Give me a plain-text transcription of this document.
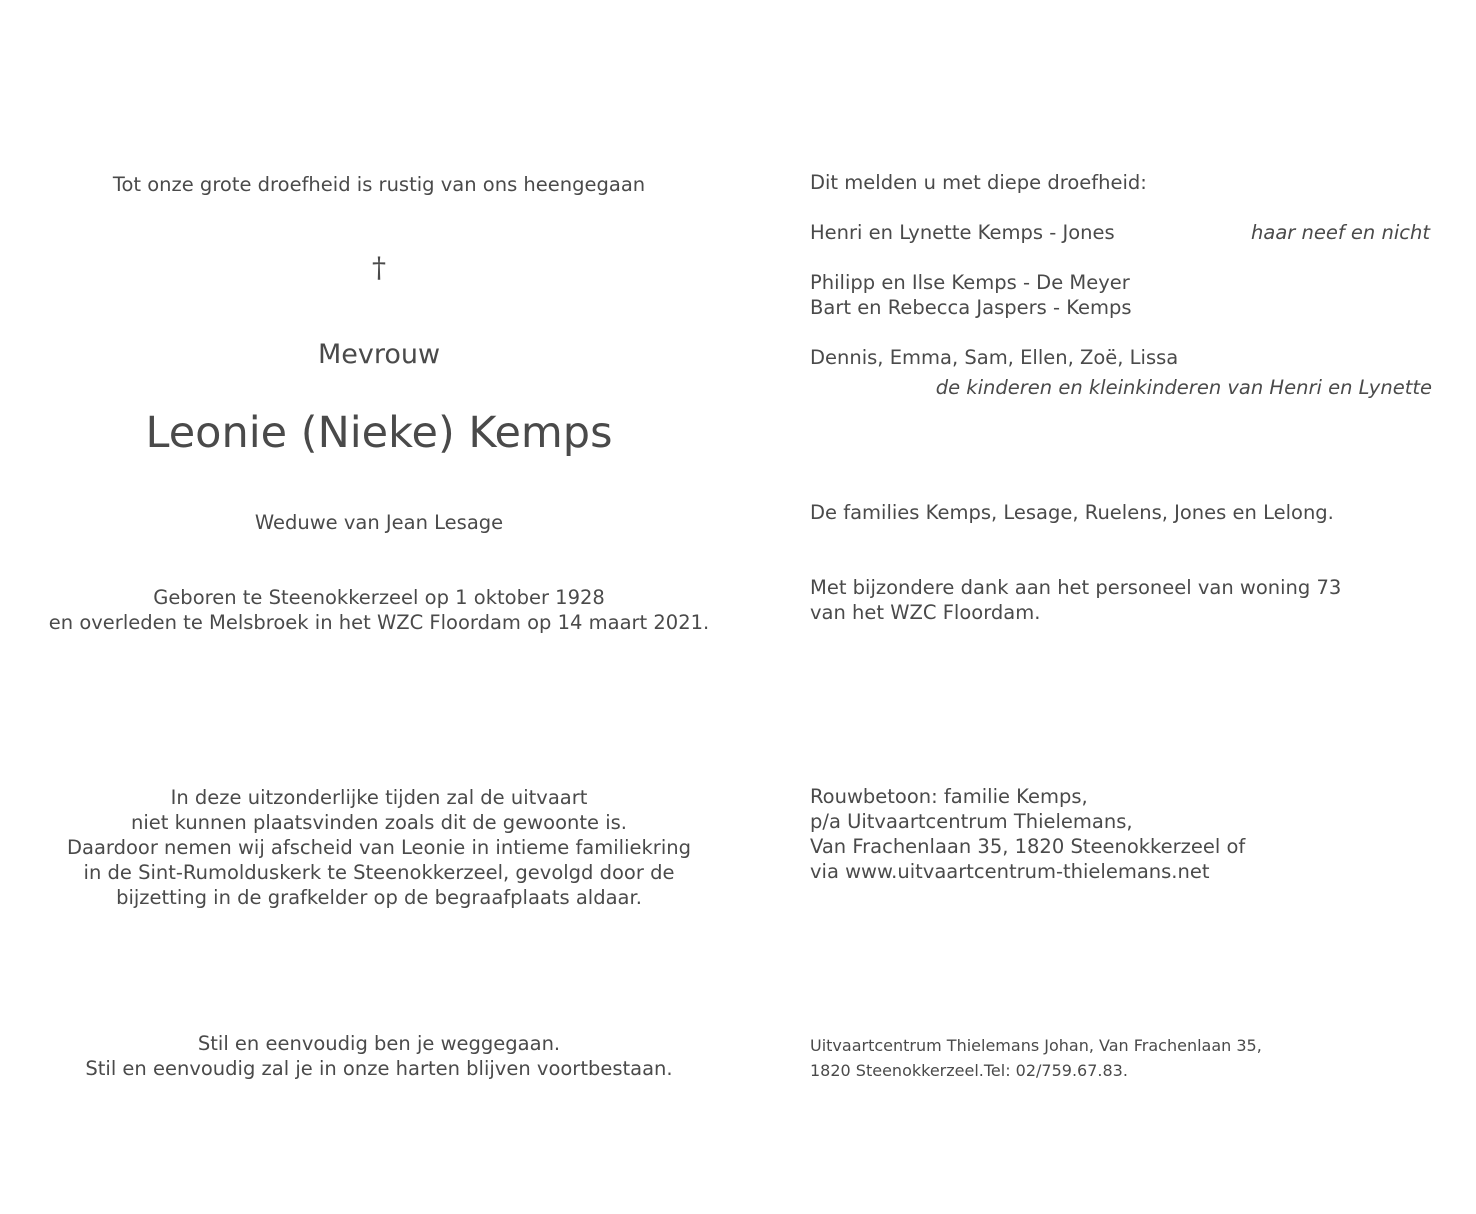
Tot onze grote droefheid is rustig van ons heengegaan
†
Mevrouw
Leonie (Nieke) Kemps
Weduwe van Jean Lesage
Geboren te Steenokkerzeel op 1 oktober 1928
en overleden te Melsbroek in het WZC Floordam op 14 maart 2021.
In deze uitzonderlijke tijden zal de uitvaart
niet kunnen plaatsvinden zoals dit de gewoonte is.
Daardoor nemen wij afscheid van Leonie in intieme familiekring
in de Sint-Rumolduskerk te Steenokkerzeel, gevolgd door de
bijzetting in de grafkelder op de begraafplaats aldaar.
Stil en eenvoudig ben je weggegaan.
Stil en eenvoudig zal je in onze harten blijven voortbestaan.
Dit melden u met diepe droefheid:
Henri en Lynette Kemps - Jones	haar neef en nicht
Philipp en Ilse Kemps - De Meyer
Bart en Rebecca Jaspers - Kemps
Dennis, Emma, Sam, Ellen, Zoë, Lissa
de kinderen en kleinkinderen van Henri en Lynette
De families Kemps, Lesage, Ruelens, Jones en Lelong.
Met bijzondere dank aan het personeel van woning 73
van het WZC Floordam.
Rouwbetoon: familie Kemps,
p/a Uitvaartcentrum Thielemans,
Van Frachenlaan 35, 1820 Steenokkerzeel of
via www.uitvaartcentrum-thielemans.net
Uitvaartcentrum Thielemans Johan, Van Frachenlaan 35,
1820 Steenokkerzeel.Tel: 02/759.67.83.
